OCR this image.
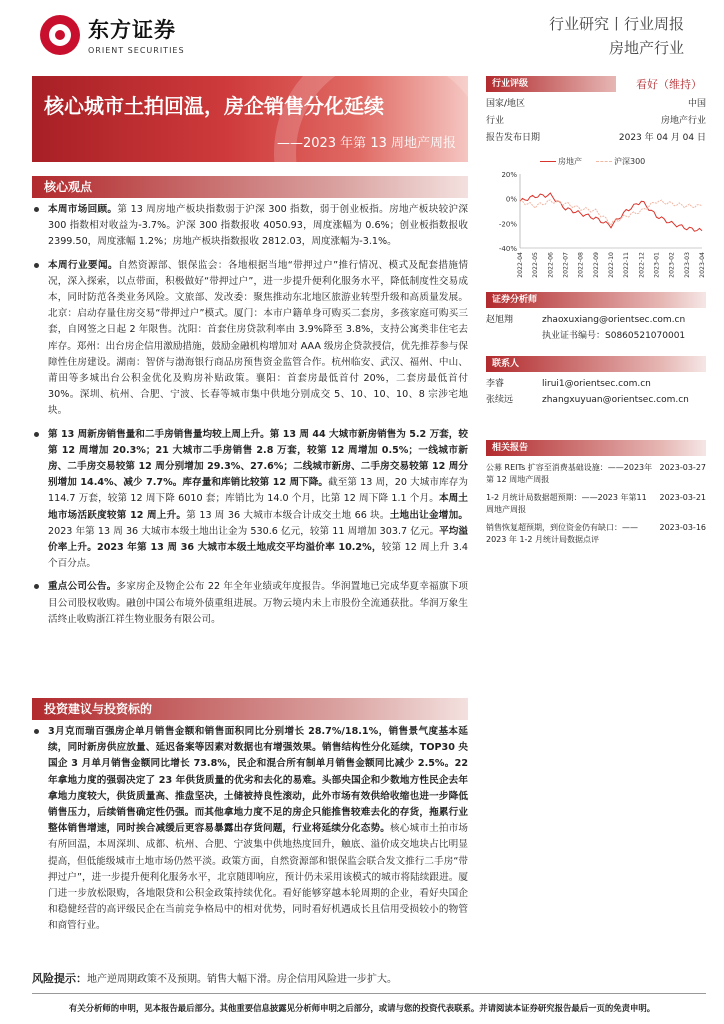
东方证券
ORIENT SECURITIES
行业研究丨行业周报
房地产行业
核心城市土拍回温，房企销售分化延续
——2023 年第 13 周地产周报
核心观点
本周市场回顾。第 13 周房地产板块指数弱于沪深 300 指数，弱于创业板指。房地产板块较沪深 300 指数相对收益为-3.7%。沪深 300 指数报收 4050.93，周度涨幅为 0.6%；创业板指数报收 2399.50，周度涨幅 1.2%；房地产板块指数报收 2812.03，周度涨幅为-3.1%。
本周行业要闻。自然资源部、银保监会：各地根据当地“带押过户”推行情况、模式及配套措施情况，深入探索，以点带面，积极做好“带押过户”，进一步提升便利化服务水平，降低制度性交易成本，同时防范各类业务风险。文旅部、发改委：聚焦推动东北地区旅游业转型升级和高质量发展。北京：启动存量住房交易“带押过户”模式。厦门：本市户籍单身可购买二套房，多孩家庭可购买三套，自网签之日起 2 年限售。沈阳：首套住房贷款利率由 3.9%降至 3.8%，支持公寓类非住宅去库存。郑州：出台房企信用激励措施，鼓励金融机构增加对 AAA 级房企贷款授信，优先推荐参与保障性住房建设。湖南：智侪与渤海银行商品房预售资金监管合作。杭州临安、武汉、福州、中山、莆田等多城出台公积金优化及购房补贴政策。襄阳：首套房最低首付 20%，二套房最低首付 30%。深圳、杭州、合肥、宁波、长春等城市集中供地分别成交 5、10、10、10、8 宗涉宅地块。
第 13 周新房销售量和二手房销售量均较上周上升。第 13 周 44 大城市新房销售为 5.2 万套，较第 12 周增加 20.3%；21 大城市二手房销售 2.8 万套，较第 12 周增加 0.5%；一线城市新房、二手房交易较第 12 周分别增加 29.3%、27.6%；二线城市新房、二手房交易较第 12 周分别增加 14.4%、减少 7.7%。库存量和库销比较第 12 周下降。截至第 13 周，20 大城市库存为 114.7 万套，较第 12 周下降 6010 套；库销比为 14.0 个月，比第 12 周下降 1.1 个月。本周土地市场活跃度较第 12 周上升。第 13 周 36 大城市本级合计成交土地 66 块。土地出让金增加。2023 年第 13 周 36 大城市本级土地出让金为 530.6 亿元，较第 11 周增加 303.7 亿元。平均溢价率上升。2023 年第 13 周 36 大城市本级土地成交平均溢价率 10.2%，较第 12 周上升 3.4 个百分点。
重点公司公告。多家房企及物企公布 22 年全年业绩或年度报告。华润置地已完成华夏幸福旗下项目公司股权收购。融创中国公布境外债重组进展。万物云境内未上市股份全流通获批。华润万象生活终止收购浙江祥生物业服务有限公司。
投资建议与投资标的
3月克而瑞百强房企单月销售金额和销售面积同比分别增长 28.7%/18.1%，销售景气度基本延续，同时新房供应放量、延迟备案等因素对数据也有增强效果。销售结构性分化延续，TOP30 央国企 3 月单月销售金额同比增长 73.8%，民企和混合所有制单月销售金额同比减少 2.5%。22 年拿地力度的强弱决定了 23 年供货质量的优劣和去化的易难。头部央国企和少数地方性民企去年拿地力度较大，供货质量高、推盘坚决，土储被持良性滚动，此外市场有效供给收缩也进一步降低销售压力，后续销售确定性仍强。而其他拿地力度不足的房企只能推售较难去化的存货，拖累行业整体销售增速，同时挨合减缓后更容易暴露出存货问题，行业将延续分化态势。核心城市土拍市场有所回温，本周深圳、成都、杭州、合肥、宁波集中供地热度回升，触底、溢价成交地块占比明显提高，但低能级城市土地市场仍然平淡。政策方面，自然资源部和银保监会联合发文推行二手房“带押过户”，进一步提升便利化服务水平，北京随即响应，预计仍未采用该模式的城市将陆续跟进。厦门进一步放松限购，各地限贷和公积金政策持续优化。看好能够穿越本轮周期的企业，看好央国企和稳健经营的高评级民企在当前竞争格局中的相对优势，同时看好机遇成长且信用受损较小的物管和商管行业。
风险提示：地产逆周期政策不及预期。销售大幅下滑。房企信用风险进一步扩大。
有关分析师的申明，见本报告最后部分。其他重要信息披露见分析师申明之后部分，或请与您的投资代表联系。并请阅读本证券研究报告最后一页的免责申明。
行业评级	看好（维持）
国家/地区	中国
行业	房地产行业
报告发布日期	2023 年 04 月 04 日
房地产	沪深300
20%
0%
-20%
-40%
2022-04 2022-05 2022-06 2022-07 2022-08 2022-09 2022-10 2022-11 2022-12 2023-01 2023-02 2023-03 2023-04
证券分析师
赵旭翔	zhaoxuxiang@orientsec.com.cn
执业证书编号：S0860521070001
联系人
李睿	lirui1@orientsec.com.cn
张续远	zhangxuyuan@orientsec.com.cn
相关报告
公募 REITs 扩容至消费基础设施：——2023年第 12 周地产周报
2023-03-27
1-2 月统计局数据超预期：——2023 年第11 周地产周报
2023-03-21
销售恢复超预期，到位资金仍有缺口：——2023 年 1-2 月统计局数据点评
2023-03-16
